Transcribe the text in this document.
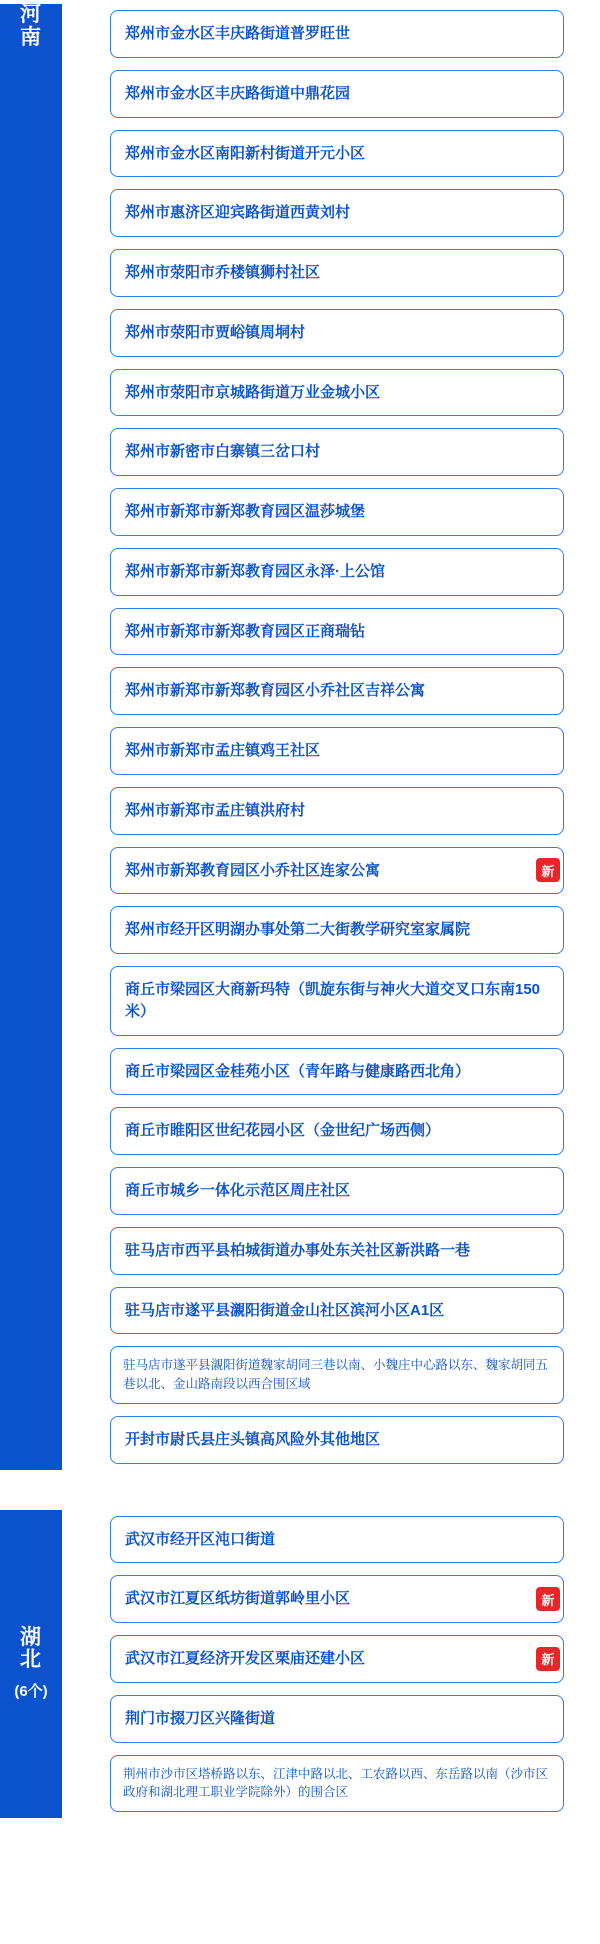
河南	郑州市金水区丰庆路街道普罗旺世
郑州市金水区丰庆路街道中鼎花园
郑州市金水区南阳新村街道开元小区
郑州市惠济区迎宾路街道西黄刘村
郑州市荥阳市乔楼镇狮村社区
郑州市荥阳市贾峪镇周垌村
郑州市荥阳市京城路街道万业金城小区
郑州市新密市白寨镇三岔口村
郑州市新郑市新郑教育园区温莎城堡
郑州市新郑市新郑教育园区永泽·上公馆
郑州市新郑市新郑教育园区正商瑞钻
郑州市新郑市新郑教育园区小乔社区吉祥公寓
郑州市新郑市孟庄镇鸡王社区
郑州市新郑市孟庄镇洪府村
郑州市新郑教育园区小乔社区连家公寓	新
郑州市经开区明湖办事处第二大街教学研究室家属院
商丘市梁园区大商新玛特（凯旋东街与神火大道交叉口东南150米）
商丘市梁园区金桂苑小区（青年路与健康路西北角）
商丘市睢阳区世纪花园小区（金世纪广场西侧）
商丘市城乡一体化示范区周庄社区
驻马店市西平县柏城街道办事处东关社区新洪路一巷
驻马店市遂平县瀙阳街道金山社区滨河小区A1区
驻马店市遂平县瀙阳街道魏家胡同三巷以南、小魏庄中心路以东、魏家胡同五巷以北、金山路南段以西合围区域
开封市尉氏县庄头镇高风险外其他地区
湖北
(6个)
武汉市经开区沌口街道
武汉市江夏区纸坊街道郭岭里小区	新
武汉市江夏经济开发区栗庙还建小区	新
荆门市掇刀区兴隆街道
荆州市沙市区塔桥路以东、江津中路以北、工农路以西、东岳路以南（沙市区政府和湖北理工职业学院除外）的围合区
